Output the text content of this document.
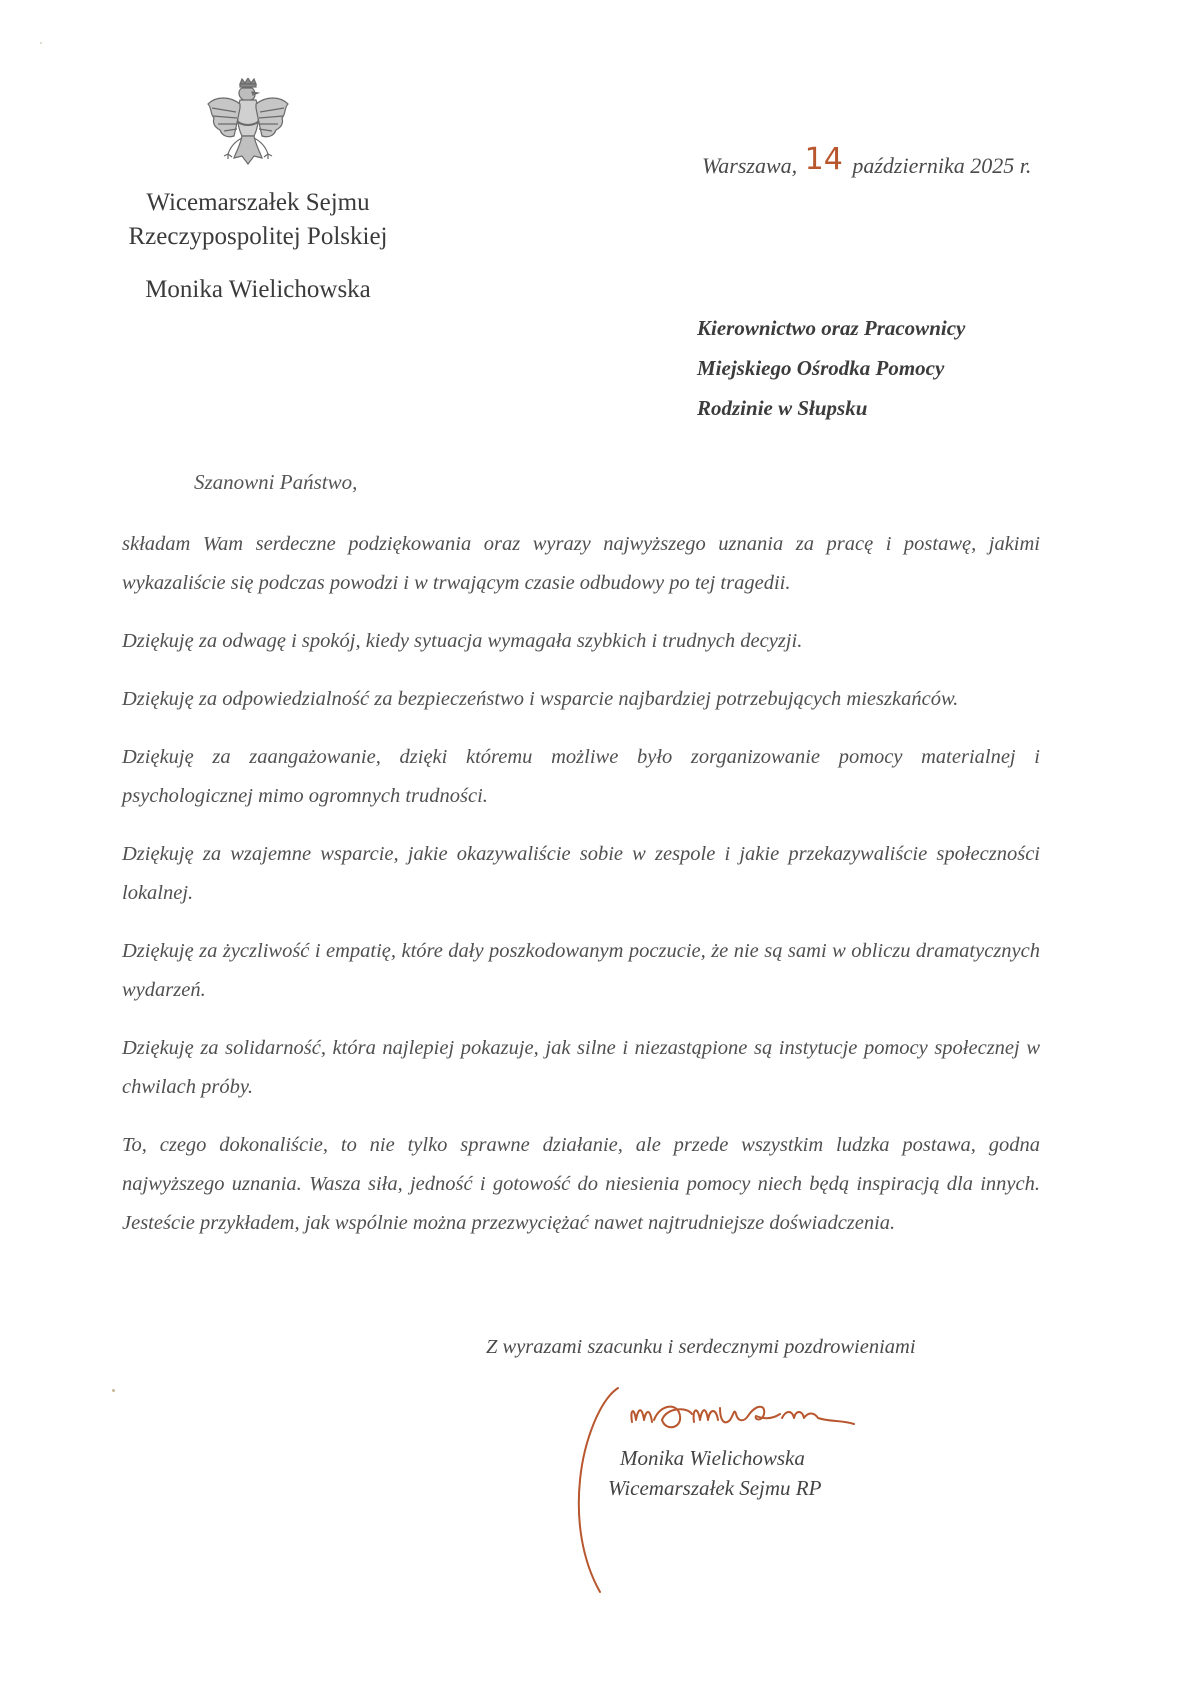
Wicemarszałek Sejmu
Rzeczypospolitej Polskiej
Monika Wielichowska
Warszawa, 14 października 2025 r.
Kierownictwo oraz Pracownicy
Miejskiego Ośrodka Pomocy
Rodzinie w Słupsku
Szanowni Państwo,

składam Wam serdeczne podziękowania oraz wyrazy najwyższego uznania za pracę i postawę, jakimi wykazaliście się podczas powodzi i w trwającym czasie odbudowy po tej tragedii.

Dziękuję za odwagę i spokój, kiedy sytuacja wymagała szybkich i trudnych decyzji.

Dziękuję za odpowiedzialność za bezpieczeństwo i wsparcie najbardziej potrzebujących mieszkańców.

Dziękuję za zaangażowanie, dzięki któremu możliwe było zorganizowanie pomocy materialnej i psychologicznej mimo ogromnych trudności.

Dziękuję za wzajemne wsparcie, jakie okazywaliście sobie w zespole i jakie przekazywaliście społeczności lokalnej.

Dziękuję za życzliwość i empatię, które dały poszkodowanym poczucie, że nie są sami w obliczu dramatycznych wydarzeń.

Dziękuję za solidarność, która najlepiej pokazuje, jak silne i niezastąpione są instytucje pomocy społecznej w chwilach próby.

To, czego dokonaliście, to nie tylko sprawne działanie, ale przede wszystkim ludzka postawa, godna najwyższego uznania. Wasza siła, jedność i gotowość do niesienia pomocy niech będą inspiracją dla innych. Jesteście przykładem, jak wspólnie można przezwyciężać nawet najtrudniejsze doświadczenia.

Z wyrazami szacunku i serdecznymi pozdrowieniami
Monika Wielichowska
Wicemarszałek Sejmu RP
